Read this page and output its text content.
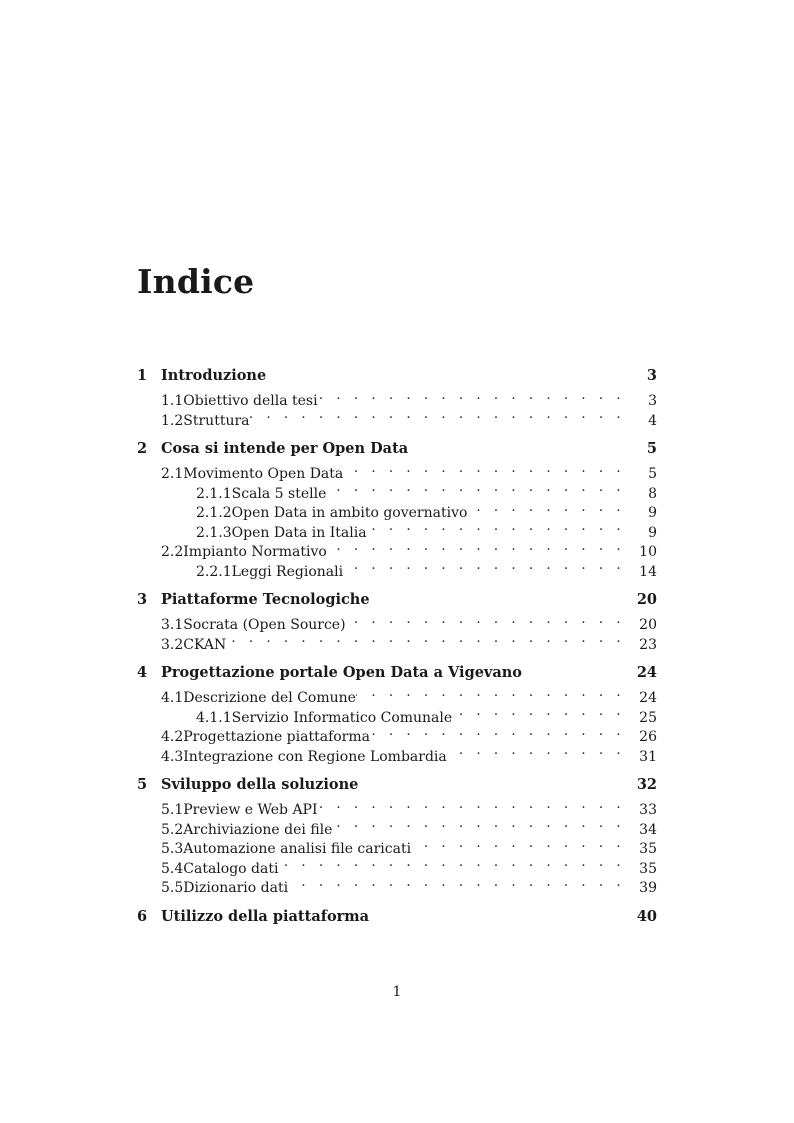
Indice
1 Introduzione	3
1.1 Obiettivo della tesi . . .	3
1.2 Struttura . . .	4
2 Cosa si intende per Open Data	5
2.1 Movimento Open Data . . .	5
2.1.1 Scala 5 stelle . . .	8
2.1.2 Open Data in ambito governativo . . .	9
2.1.3 Open Data in Italia . . .	9
2.2 Impianto Normativo . . .	10
2.2.1 Leggi Regionali . . .	14
3 Piattaforme Tecnologiche	20
3.1 Socrata (Open Source) . . .	20
3.2 CKAN . . .	23
4 Progettazione portale Open Data a Vigevano	24
4.1 Descrizione del Comune . . .	24
4.1.1 Servizio Informatico Comunale . . .	25
4.2 Progettazione piattaforma . . .	26
4.3 Integrazione con Regione Lombardia . . .	31
5 Sviluppo della soluzione	32
5.1 Preview e Web API . . .	33
5.2 Archiviazione dei file . . .	34
5.3 Automazione analisi file caricati . . .	35
5.4 Catalogo dati . . .	35
5.5 Dizionario dati . . .	39
6 Utilizzo della piattaforma	40
1
